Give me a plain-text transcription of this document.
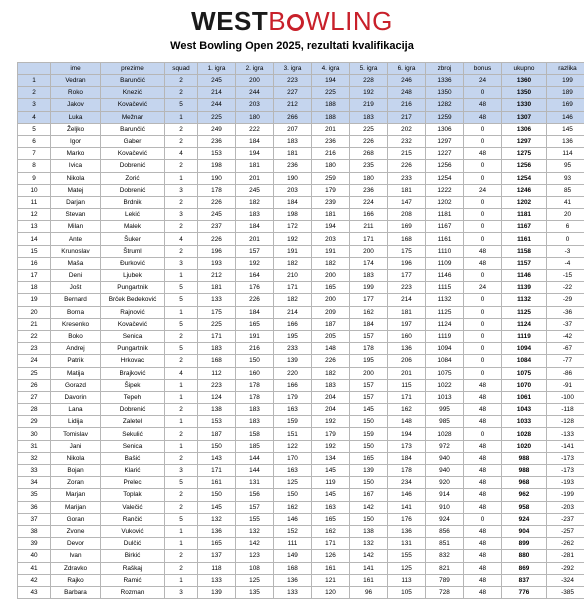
WESTB WLING
West Bowling Open 2025, rezultati kvalifikacija
	ime	prezime	squad	1. igra	2. igra	3. igra	4. igra	5. igra	6. igra	zbroj	bonus	ukupno	razlika
1	Vedran	Barunčić	2	245	200	223	194	228	246	1336	24	1360	199
2	Roko	Knezić	2	214	244	227	225	192	248	1350	0	1350	189
3	Jakov	Kovačević	5	244	203	212	188	219	216	1282	48	1330	169
4	Luka	Mežnar	1	225	180	266	188	183	217	1259	48	1307	146
5	Željko	Barunčić	2	249	222	207	201	225	202	1306	0	1306	145
6	Igor	Gaber	2	236	184	183	236	226	232	1297	0	1297	136
7	Marko	Kovačević	4	153	194	181	216	268	215	1227	48	1275	114
8	Ivica	Dobrenić	2	198	181	236	180	235	226	1256	0	1256	95
9	Nikola	Zorić	1	190	201	190	259	180	233	1254	0	1254	93
10	Matej	Dobrenić	3	178	245	203	179	236	181	1222	24	1246	85
11	Darjan	Brdnik	2	226	182	184	239	224	147	1202	0	1202	41
12	Stevan	Lekić	3	245	183	198	181	166	208	1181	0	1181	20
13	Milan	Malek	2	237	184	172	194	211	169	1167	0	1167	6
14	Ante	Šuker	4	226	201	192	203	171	168	1161	0	1161	0
15	Krunoslav	Štruml	2	196	157	191	191	200	175	1110	48	1158	-3
16	Maša	Đurković	3	193	192	182	182	174	196	1109	48	1157	-4
17	Deni	Ljubek	1	212	164	210	200	183	177	1146	0	1146	-15
18	Jošt	Pungartnik	5	181	176	171	165	199	223	1115	24	1139	-22
19	Bernard	Brček Bedeković	5	133	226	182	200	177	214	1132	0	1132	-29
20	Borna	Rajnović	1	175	184	214	209	162	181	1125	0	1125	-36
21	Kresenko	Kovačević	5	225	165	166	187	184	197	1124	0	1124	-37
22	Boko	Senica	2	171	191	195	205	157	160	1119	0	1119	-42
23	Andrej	Pungartnik	5	183	216	233	148	178	136	1094	0	1094	-67
24	Patrik	Hrkovac	2	168	150	139	226	195	206	1084	0	1084	-77
25	Matija	Brajković	4	112	160	220	182	200	201	1075	0	1075	-86
26	Gorazd	Šipek	1	223	178	166	183	157	115	1022	48	1070	-91
27	Davorin	Tepeh	1	124	178	179	204	157	171	1013	48	1061	-100
28	Lana	Dobrenić	2	138	183	163	204	145	162	995	48	1043	-118
29	Lidija	Zaletel	1	153	183	159	192	150	148	985	48	1033	-128
30	Tomislav	Sekulić	2	187	158	151	179	159	194	1028	0	1028	-133
31	Jani	Senica	1	150	185	122	192	150	173	972	48	1020	-141
32	Nikola	Bašić	2	143	144	170	134	165	184	940	48	988	-173
33	Bojan	Klarić	3	171	144	163	145	139	178	940	48	988	-173
34	Zoran	Prelec	5	161	131	125	119	150	234	920	48	968	-193
35	Marjan	Toplak	2	150	156	150	145	167	146	914	48	962	-199
36	Marijan	Valečić	2	145	157	162	163	142	141	910	48	958	-203
37	Goran	Rančić	5	132	155	146	165	150	176	924	0	924	-237
38	Zvone	Vuković	1	136	132	152	162	138	136	856	48	904	-257
39	Devor	Dulčić	1	165	142	111	171	132	131	851	48	899	-262
40	Ivan	Birkić	2	137	123	149	126	142	155	832	48	880	-281
41	Zdravko	Raškaj	2	118	108	168	161	141	125	821	48	869	-292
42	Rajko	Ramić	1	133	125	136	121	161	113	789	48	837	-324
43	Barbara	Rozman	3	139	135	133	120	96	105	728	48	776	-385
